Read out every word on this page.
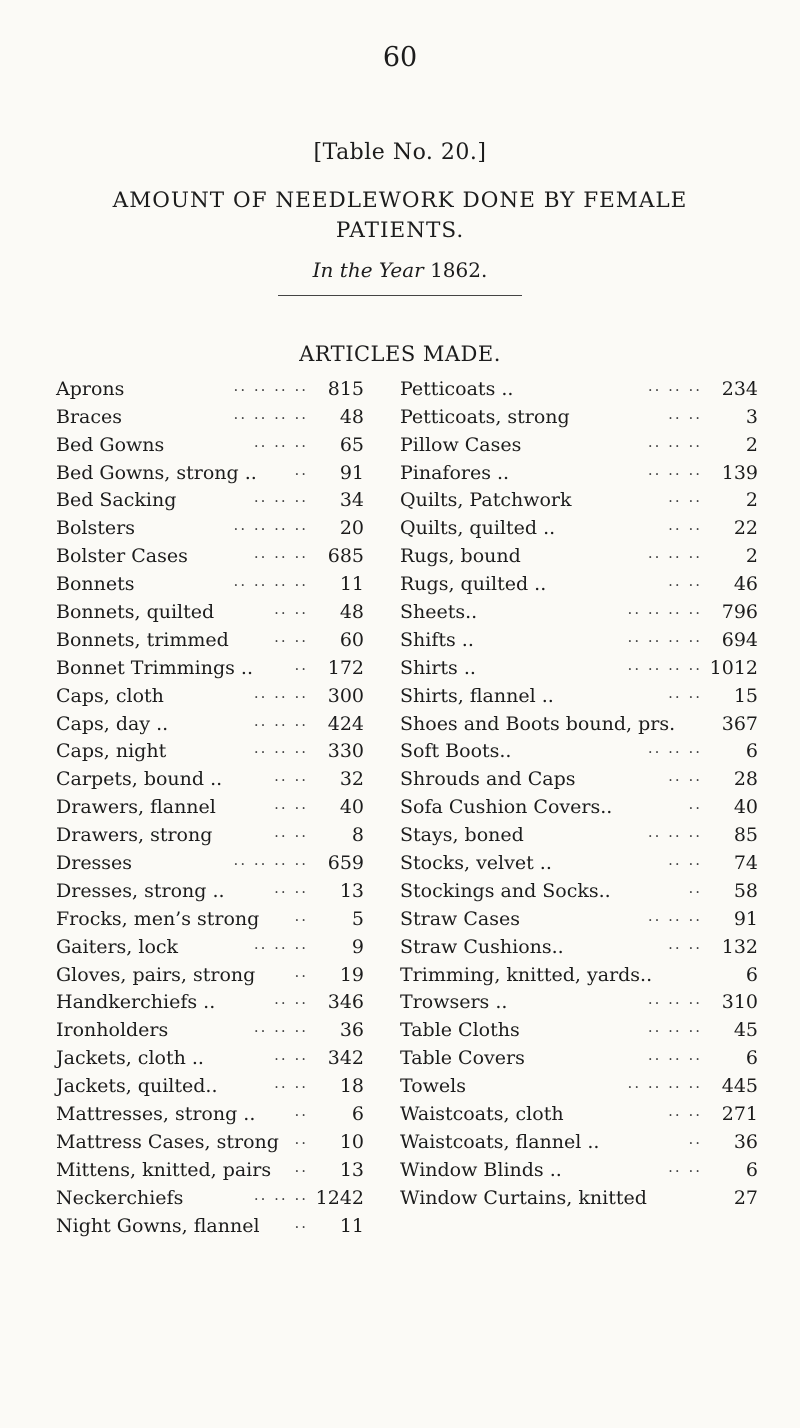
60
[Table No. 20.]
AMOUNT OF NEEDLEWORK DONE BY FEMALE
PATIENTS.
In the Year 1862.
ARTICLES MADE.
.. .. .. ..
Aprons	815
.. .. .. ..
Braces	48
.. .. ..
Bed Gowns	65
..
Bed Gowns, strong ..	91
.. .. ..
Bed Sacking	34
.. .. .. ..
Bolsters	20
.. .. ..
Bolster Cases	685
.. .. .. ..
Bonnets	11
.. ..
Bonnets, quilted	48
.. ..
Bonnets, trimmed	60
..
Bonnet Trimmings ..	172
.. .. ..
Caps, cloth	300
.. .. ..
Caps, day ..	424
.. .. ..
Caps, night	330
.. ..
Carpets, bound ..	32
.. ..
Drawers, flannel	40
.. ..
Drawers, strong	8
.. .. .. ..
Dresses	659
.. ..
Dresses, strong ..	13
..
Frocks, men’s strong	5
.. .. ..
Gaiters, lock	9
..
Gloves, pairs, strong	19
.. ..
Handkerchiefs ..	346
.. .. ..
Ironholders	36
.. ..
Jackets, cloth ..	342
.. ..
Jackets, quilted..	18
..
Mattresses, strong ..	6
..
Mattress Cases, strong	10
..
Mittens, knitted, pairs	13
.. .. ..
Neckerchiefs	1242
..
Night Gowns, flannel	11
.. .. ..
Petticoats ..	234
.. ..
Petticoats, strong	3
.. .. ..
Pillow Cases	2
.. .. ..
Pinafores ..	139
.. ..
Quilts, Patchwork	2
.. ..
Quilts, quilted ..	22
.. .. ..
Rugs, bound	2
.. ..
Rugs, quilted ..	46
.. .. .. ..
Sheets..	796
.. .. .. ..
Shifts ..	694
.. .. .. ..
Shirts ..	1012
.. ..
Shirts, flannel ..	15
Shoes and Boots bound, prs. 367
.. .. ..
Soft Boots..	6
.. ..
Shrouds and Caps	28
..
Sofa Cushion Covers..	40
.. .. ..
Stays, boned	85
.. ..
Stocks, velvet ..	74
..
Stockings and Socks..	58
.. .. ..
Straw Cases	91
.. ..
Straw Cushions..	132
Trimming, knitted, yards..	6
.. .. ..
Trowsers ..	310
.. .. ..
Table Cloths	45
.. .. ..
Table Covers	6
.. .. .. ..
Towels	445
.. ..
Waistcoats, cloth	271
..
Waistcoats, flannel ..	36
.. ..
Window Blinds ..	6
Window Curtains, knitted	27
